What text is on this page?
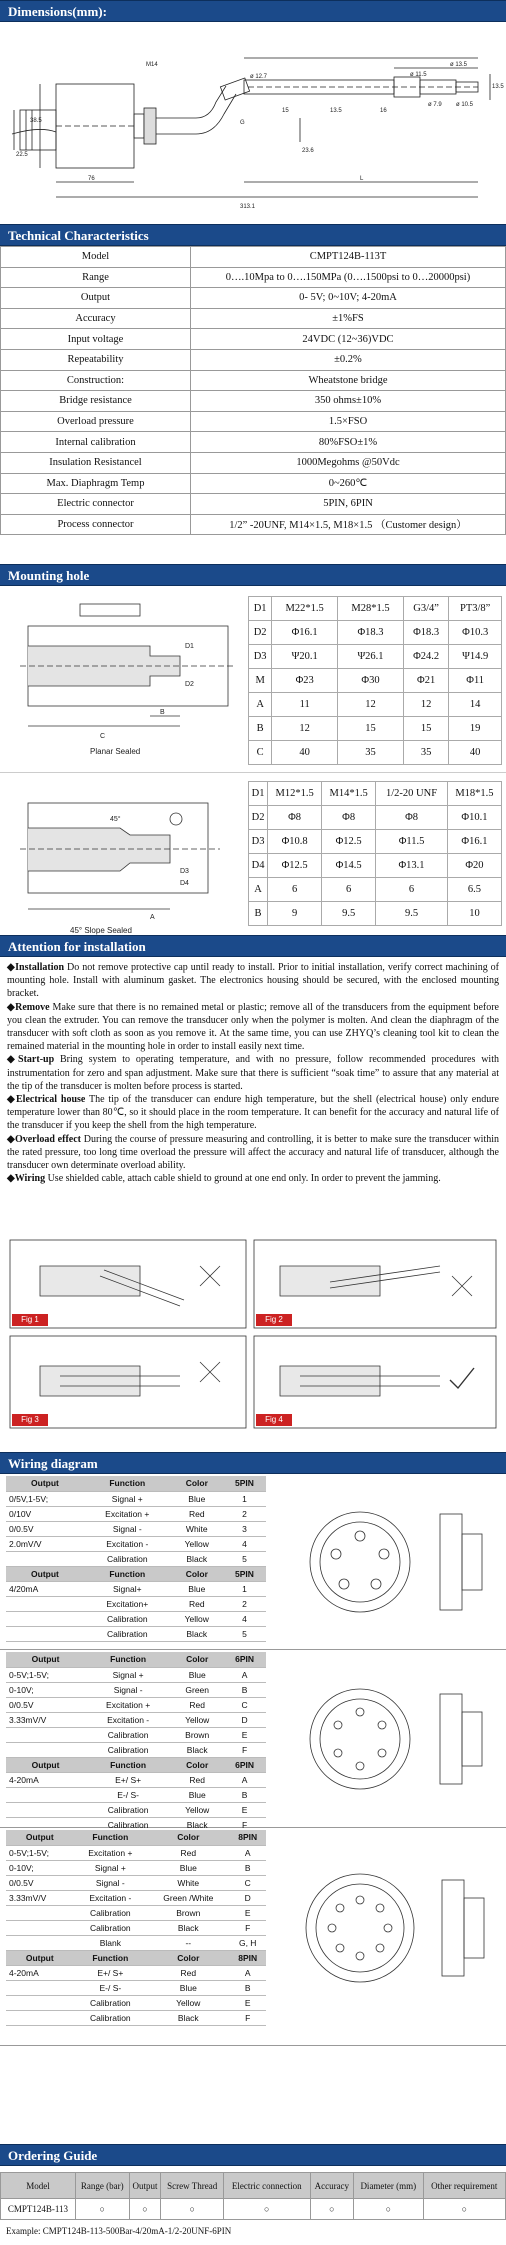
Dimensions(mm):
M14
22.5
38.5
76
G
L
ø 11.5
ø 7.9 ø 10.5
ø 13.5
13.5
ø 12.7
15	16
23.6
13.5
313.1
Technical Characteristics
Model	CMPT124B-113T
Range	0….10Mpa to 0….150MPa (0….1500psi to 0…20000psi)
Output	0- 5V; 0~10V; 4-20mA
Accuracy	±1%FS
Input voltage	24VDC (12~36)VDC
Repeatability	±0.2%
Construction:	Wheatstone bridge
Bridge resistance	350 ohms±10%
Overload pressure	1.5×FSO
Internal calibration	80%FSO±1%
Insulation Resistancel	1000Megohms @50Vdc
Max. Diaphragm Temp	0~260℃
Electric connector	5PIN, 6PIN
Process connector	1/2” -20UNF, M14×1.5, M18×1.5 （Customer design）
Mounting hole
B
C
D1
D2
Planar Sealed
D1	M22*1.5	M28*1.5	G3/4”	PT3/8”
D2	Φ16.1	Φ18.3	Φ18.3	Φ10.3
D3	Ψ20.1	Ψ26.1	Φ24.2	Ψ14.9
M	Φ23	Φ30	Φ21	Φ11
A	11	12	12	14
B	12	15	15	19
C	40	35	35	40
45°
A
D3
D4
45° Slope Sealed
D1	M12*1.5	M14*1.5	1/2-20 UNF	M18*1.5
D2	Φ8	Φ8	Φ8	Φ10.1
D3	Φ10.8	Φ12.5	Φ11.5	Φ16.1
D4	Φ12.5	Φ14.5	Φ13.1	Φ20
A	6	6	6	6.5
B	9	9.5	9.5	10
Attention for installation
◆Installation Do not remove protective cap until ready to install. Prior to initial installation, verify correct machining of mounting hole. Install with aluminum gasket. The electronics housing should be secured, with the enclosed mounting bracket.
◆Remove Make sure that there is no remained metal or plastic; remove all of the transducers from the equipment before you clean the extruder. You can remove the transducer only when the polymer is molten. And clean the diaphragm of the transducer with soft cloth as soon as you remove it. At the same time, you can use ZHYQ’s cleaning tool kit to clean the remained material in the mounting hole in order to install easily next time.
◆Start-up Bring system to operating temperature, and with no pressure, follow recommended procedures with instrumentation for zero and span adjustment. Make sure that there is sufficient “soak time” to assure that any material at the tip of the transducer is molten before process is started.
◆Electrical house The tip of the transducer can endure high temperature, but the shell (electrical house) only endure temperature lower than 80℃, so it should place in the room temperature. It can benefit for the accuracy and natural life of the transducer if you keep the shell from the high temperature.
◆Overload effect During the course of pressure measuring and controlling, it is better to make sure the transducer within the rated pressure, too long time overload the pressure will affect the accuracy and natural life of transducer, although the transducer own determinate overload ability.
◆Wiring Use shielded cable, attach cable shield to ground at one end only. In order to prevent the jamming.
Fig 1	Fig 2
Fig 3	Fig 4
Wiring diagram
Output	Function	Color	5PIN
0/5V,1-5V;	Signal +	Blue	1
0/10V	Excitation +	Red	2
0/0.5V	Signal -	White	3
2.0mV/V	Excitation -	Yellow	4
	Calibration	Black	5
Output	Function	Color	5PIN
4/20mA	Signal+	Blue	1
	Excitation+	Red	2
	Calibration	Yellow	4
	Calibration	Black	5
Output	Function	Color	6PIN
0-5V;1-5V;	Signal +	Blue	A
0-10V;	Signal -	Green	B
0/0.5V	Excitation +	Red	C
3.33mV/V	Excitation -	Yellow	D
	Calibration	Brown	E
	Calibration	Black	F
Output	Function	Color	6PIN
4-20mA	E+/ S+	Red	A
	E-/ S-	Blue	B
	Calibration	Yellow	E
	Calibration	Black	F
Output	Function	Color	8PIN
0-5V;1-5V;	Excitation +	Red	A
0-10V;	Signal +	Blue	B
0/0.5V	Signal -	White	C
3.33mV/V	Excitation -	Green /White	D
	Calibration	Brown	E
	Calibration	Black	F
	Blank	--	G, H
Output	Function	Color	8PIN
4-20mA	E+/ S+	Red	A
	E-/ S-	Blue	B
	Calibration	Yellow	E
	Calibration	Black	F
Ordering Guide
Model	Range (bar)	Output	Screw Thread	Electric connection	Accuracy	Diameter (mm)	Other requirement
CMPT124B-113	○	○	○	○	○	○	○
Example: CMPT124B-113-500Bar-4/20mA-1/2-20UNF-6PIN
